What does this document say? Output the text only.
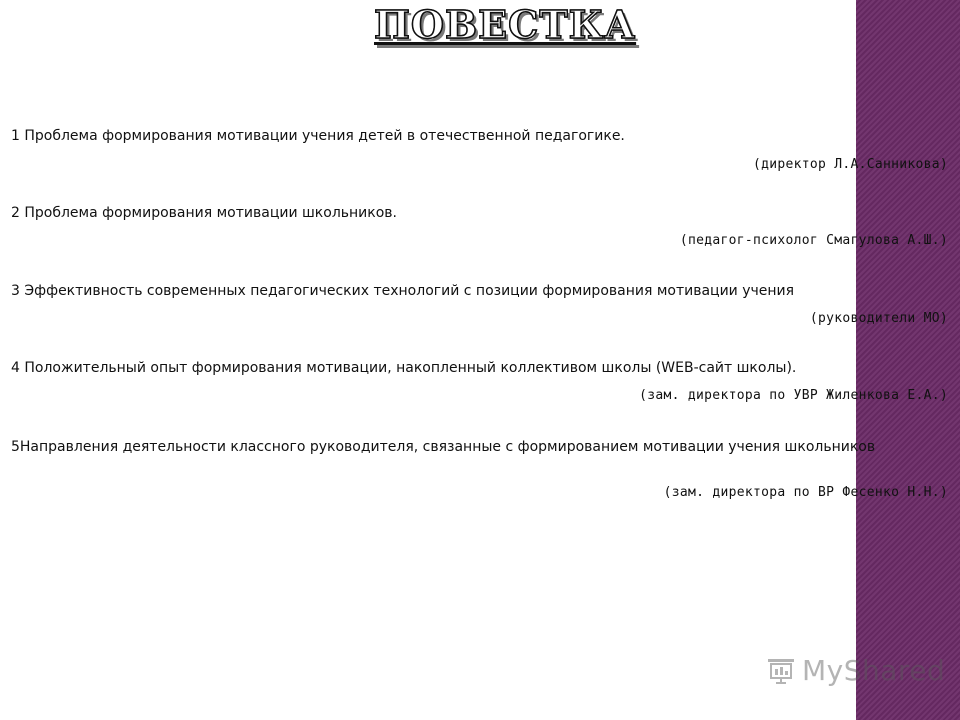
ПОВЕСТКА

1 Проблема формирования мотивации учения детей в отечественной педагогике.

(директор Л.А.Санникова)

2 Проблема формирования мотивации школьников.

(педагог-психолог Смагулова А.Ш.)

3 Эффективность современных педагогических технологий с позиции формирования мотивации учения

(руководители МО)

4 Положительный опыт формирования мотивации, накопленный коллективом школы (WEB-сайт школы).

(зам. директора по УВР Жиленкова Е.А.)

5Направления деятельности классного руководителя, связанные с формированием мотивации учения школьников

(зам. директора по ВР Фесенко Н.Н.)

MyShared
